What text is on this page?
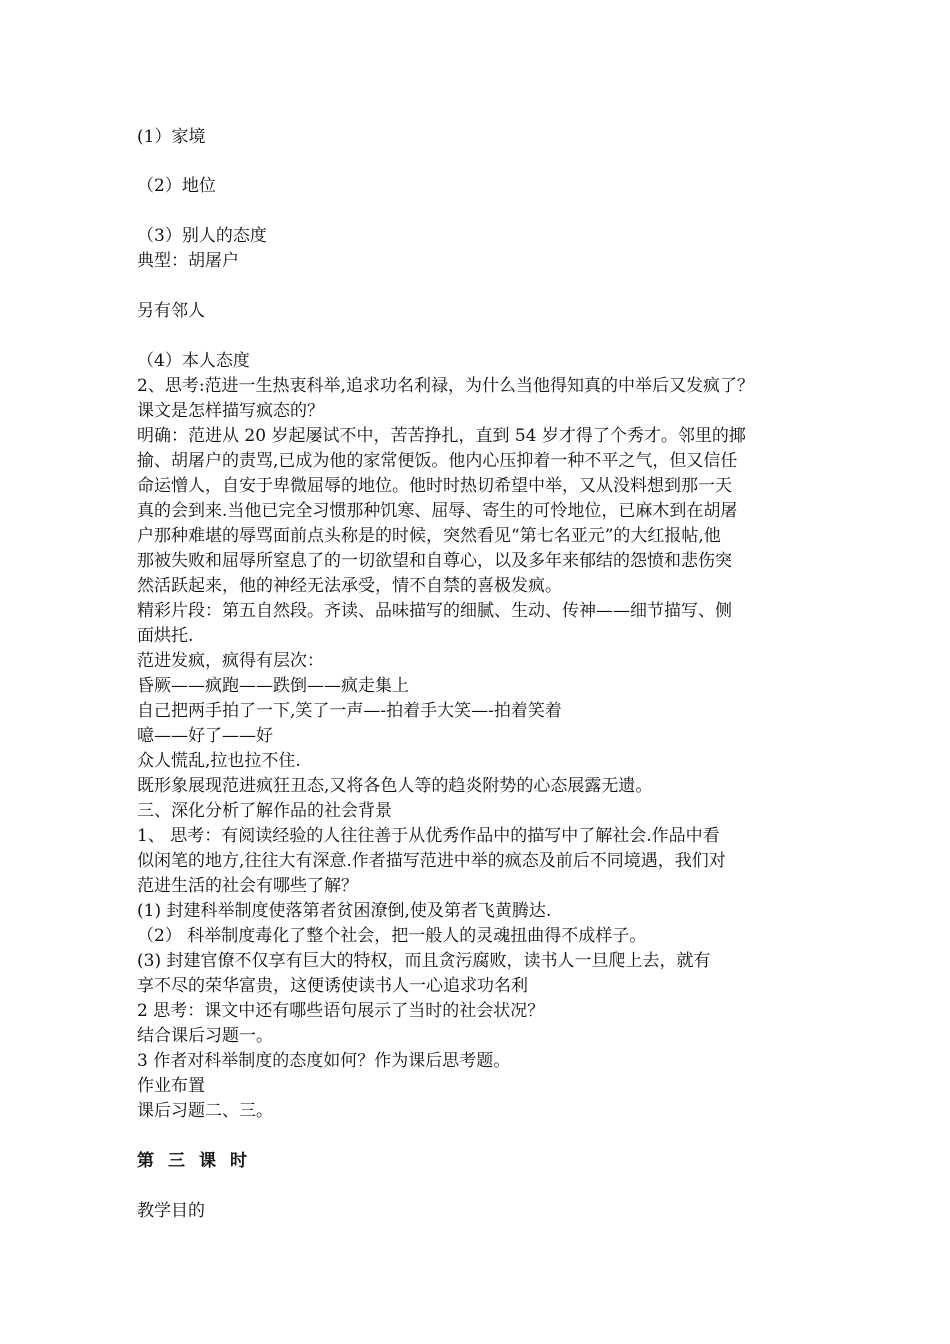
(1）家境
（2）地位
（3）别人的态度
典型：胡屠户
另有邻人
（4）本人态度
2、思考:范进一生热衷科举,追求功名利禄，为什么当他得知真的中举后又发疯了？
课文是怎样描写疯态的？
明确：范进从 20 岁起屡试不中，苦苦挣扎，直到 54 岁才得了个秀才。邻里的揶
揄、胡屠户的责骂,已成为他的家常便饭。他内心压抑着一种不平之气，但又信任
命运憎人，自安于卑微屈辱的地位。他时时热切希望中举，又从没料想到那一天
真的会到来.当他已完全习惯那种饥寒、屈辱、寄生的可怜地位，已麻木到在胡屠
户那种难堪的辱骂面前点头称是的时候，突然看见“第七名亚元”的大红报帖,他
那被失败和屈辱所窒息了的一切欲望和自尊心，以及多年来郁结的怨愤和悲伤突
然活跃起来，他的神经无法承受，情不自禁的喜极发疯。
精彩片段：第五自然段。齐读、品味描写的细腻、生动、传神——细节描写、侧
面烘托.
范进发疯，疯得有层次：
昏厥——疯跑——跌倒——疯走集上
自己把两手拍了一下,笑了一声—-拍着手大笑—-拍着笑着
噫——好了——好
众人慌乱,拉也拉不住.
既形象展现范进疯狂丑态,又将各色人等的趋炎附势的心态展露无遗。
三、深化分析了解作品的社会背景
1、 思考：有阅读经验的人往往善于从优秀作品中的描写中了解社会.作品中看
似闲笔的地方,往往大有深意.作者描写范进中举的疯态及前后不同境遇，我们对
范进生活的社会有哪些了解？
(1) 封建科举制度使落第者贫困潦倒,使及第者飞黄腾达.
（2） 科举制度毒化了整个社会，把一般人的灵魂扭曲得不成样子。
(3) 封建官僚不仅享有巨大的特权，而且贪污腐败，读书人一旦爬上去，就有
享不尽的荣华富贵，这便诱使读书人一心追求功名利
2 思考：课文中还有哪些语句展示了当时的社会状况？
结合课后习题一。
3 作者对科举制度的态度如何？作为课后思考题。
作业布置
课后习题二、三。
第三课时
教学目的
